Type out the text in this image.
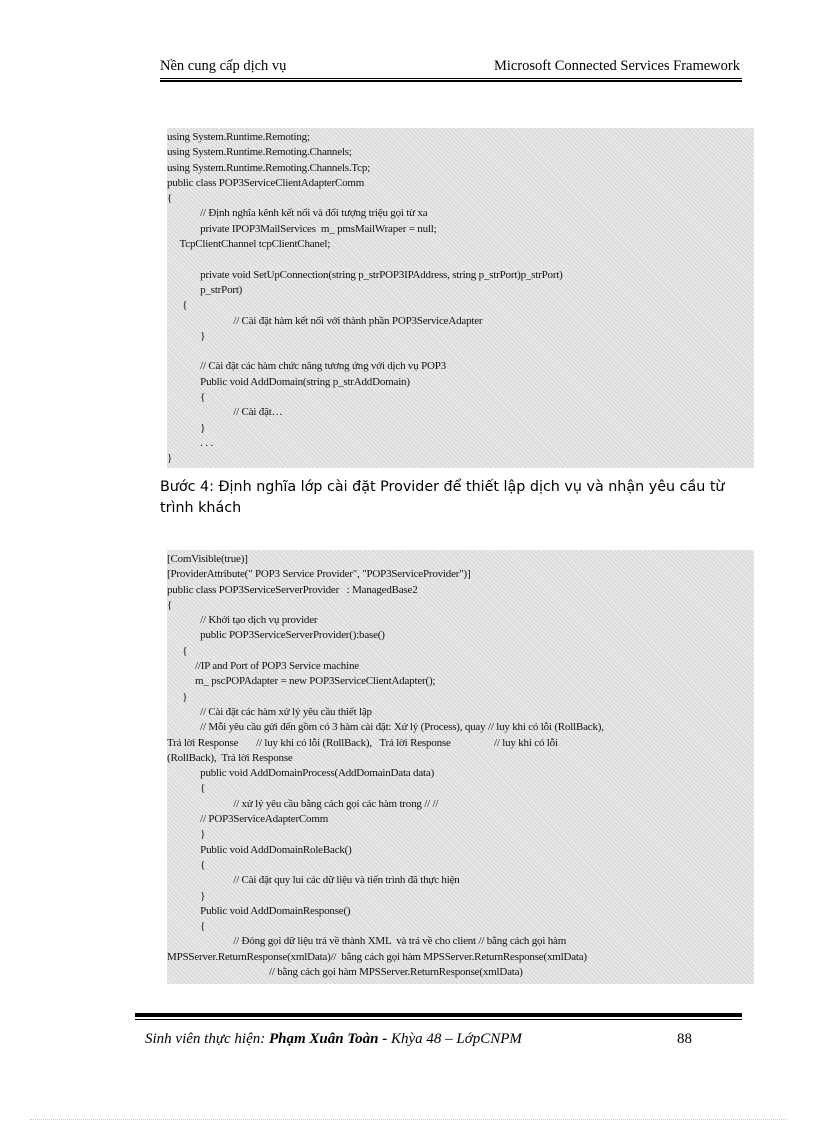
Nền cung cấp dịch vụ	Microsoft Connected Services Framework
using System.Runtime.Remoting;
using System.Runtime.Remoting.Channels;
using System.Runtime.Remoting.Channels.Tcp;
public class POP3ServiceClientAdapterComm
{
// Định nghĩa kênh kết nối và đối tượng triệu gọi từ xa
private IPOP3MailServices  m_ pmsMailWraper = null;
TcpClientChannel tcpClientChanel;
private void SetUpConnection(string p_strPOP3IPAddress, string p_strPort)p_strPort)
p_strPort)
{
// Cài đặt hàm kết nối với thành phần POP3ServiceAdapter
}
// Cài đặt các hàm chức năng tương ứng với dịch vụ POP3
Public void AddDomain(string p_strAddDomain)
{
// Cài đặt…
}
. . .
}
Bước 4: Định nghĩa lớp cài đặt Provider để thiết lập dịch vụ và nhận yêu cầu từ
trình khách
[ComVisible(true)]
[ProviderAttribute(" POP3 Service Provider", "POP3ServiceProvider")]
public class POP3ServiceServerProvider   : ManagedBase2
{
// Khởi tạo dịch vụ provider
public POP3ServiceServerProvider():base()
{
//IP and Port of POP3 Service machine
m_ pscPOPAdapter = new POP3ServiceClientAdapter();
}
// Cài đặt các hàm xử lý yêu cầu thiết lập
// Mỗi yêu cầu gửi đến gồm có 3 hàm cài đặt: Xử lý (Process), quay // luy khi có lỗi (RollBack),
Trả lời Response       // luy khi có lỗi (RollBack),   Trả lời Response                 // luy khi có lỗi
(RollBack),  Trả lời Response
public void AddDomainProcess(AddDomainData data)
{
// xử lý yêu cầu bằng cách gọi các hàm trong // //
// POP3ServiceAdapterComm
}
Public void AddDomainRoleBack()
{
// Cài đặt quy lui các dữ liệu và tiến trình đã thực hiện
}
Public void AddDomainResponse()
{
// Đóng gọi dữ liệu trả về thành XML  và trả về cho client // bằng cách gọi hàm
MPSServer.ReturnResponse(xmlData)//  bằng cách gọi hàm MPSServer.ReturnResponse(xmlData)
// bằng cách gọi hàm MPSServer.ReturnResponse(xmlData)
Sinh viên thực hiện: Phạm Xuân Toàn - Khỳa 48 – LớpCNPM	88
